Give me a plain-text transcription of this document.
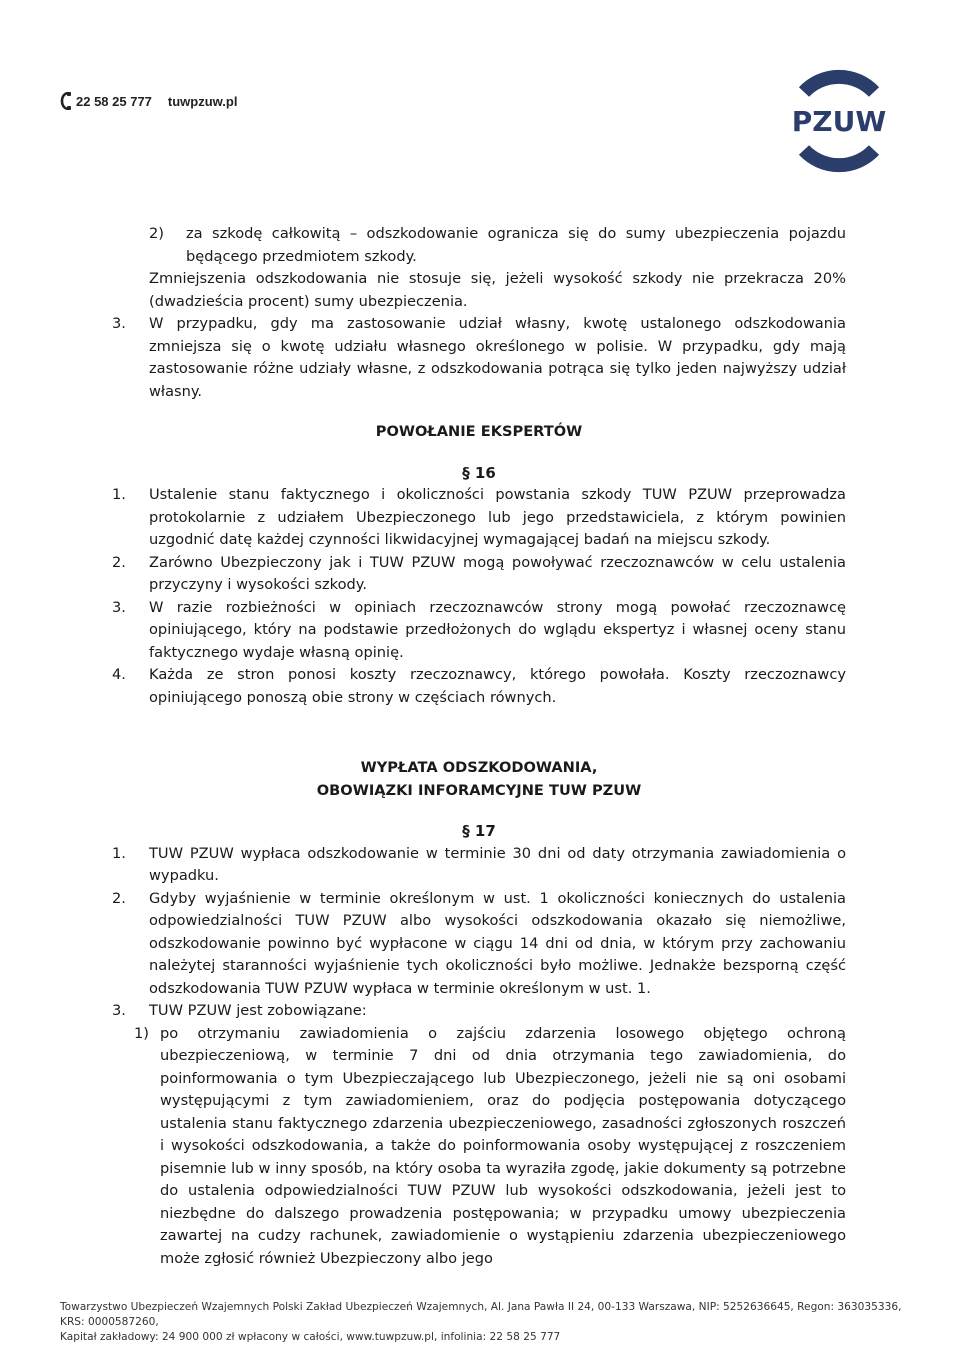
22 58 25 777 tuwpzuw.pl
PZUW
2)	za szkodę całkowitą – odszkodowanie ogranicza się do sumy ubezpieczenia pojazdu będącego przedmiotem szkody.

Zmniejszenia odszkodowania nie stosuje się, jeżeli wysokość szkody nie przekracza 20% (dwadzieścia procent) sumy ubezpieczenia.

3.	W przypadku, gdy ma zastosowanie udział własny, kwotę ustalonego odszkodowania zmniejsza się o kwotę udziału własnego określonego w polisie. W przypadku, gdy mają zastosowanie różne udziały własne, z odszkodowania potrąca się tylko jeden najwyższy udział własny.

POWOŁANIE EKSPERTÓW

§ 16

1.	Ustalenie stanu faktycznego i okoliczności powstania szkody TUW PZUW przeprowadza protokolarnie z udziałem Ubezpieczonego lub jego przedstawiciela, z którym powinien uzgodnić datę każdej czynności likwidacyjnej wymagającej badań na miejscu szkody.

2.	Zarówno Ubezpieczony jak i TUW PZUW mogą powoływać rzeczoznawców w celu ustalenia przyczyny i wysokości szkody.

3.	W razie rozbieżności w opiniach rzeczoznawców strony mogą powołać rzeczoznawcę opiniującego, który na podstawie przedłożonych do wglądu ekspertyz i własnej oceny stanu faktycznego wydaje własną opinię.

4.	Każda ze stron ponosi koszty rzeczoznawcy, którego powołała. Koszty rzeczoznawcy opiniującego ponoszą obie strony w częściach równych.

WYPŁATA ODSZKODOWANIA,

OBOWIĄZKI INFORAMCYJNE TUW PZUW

§ 17

1.	TUW PZUW wypłaca odszkodowanie w terminie 30 dni od daty otrzymania zawiadomienia o wypadku.

2.	Gdyby wyjaśnienie w terminie określonym w ust. 1 okoliczności koniecznych do ustalenia odpowiedzialności TUW PZUW albo wysokości odszkodowania okazało się niemożliwe, odszkodowanie powinno być wypłacone w ciągu 14 dni od dnia, w którym przy zachowaniu należytej staranności wyjaśnienie tych okoliczności było możliwe. Jednakże bezsporną część odszkodowania TUW PZUW wypłaca w terminie określonym w ust. 1.

3.	TUW PZUW jest zobowiązane:

1) po otrzymaniu zawiadomienia o zajściu zdarzenia losowego objętego ochroną ubezpieczeniową, w terminie 7 dni od dnia otrzymania tego zawiadomienia, do poinformowania o tym Ubezpieczającego lub Ubezpieczonego, jeżeli nie są oni osobami występującymi z tym zawiadomieniem, oraz do podjęcia postępowania dotyczącego ustalenia stanu faktycznego zdarzenia ubezpieczeniowego, zasadności zgłoszonych roszczeń i wysokości odszkodowania, a także do poinformowania osoby występującej z roszczeniem pisemnie lub w inny sposób, na który osoba ta wyraziła zgodę, jakie dokumenty są potrzebne do ustalenia odpowiedzialności TUW PZUW lub wysokości odszkodowania, jeżeli jest to niezbędne do dalszego prowadzenia postępowania; w przypadku umowy ubezpieczenia zawartej na cudzy rachunek, zawiadomienie o wystąpieniu zdarzenia ubezpieczeniowego może zgłosić również Ubezpieczony albo jego

Towarzystwo Ubezpieczeń Wzajemnych Polski Zakład Ubezpieczeń Wzajemnych, Al. Jana Pawła II 24, 00-133 Warszawa, NIP: 5252636645, Regon: 363035336, KRS: 0000587260,
Kapitał zakładowy: 24 900 000 zł wpłacony w całości, www.tuwpzuw.pl, infolinia: 22 58 25 777
